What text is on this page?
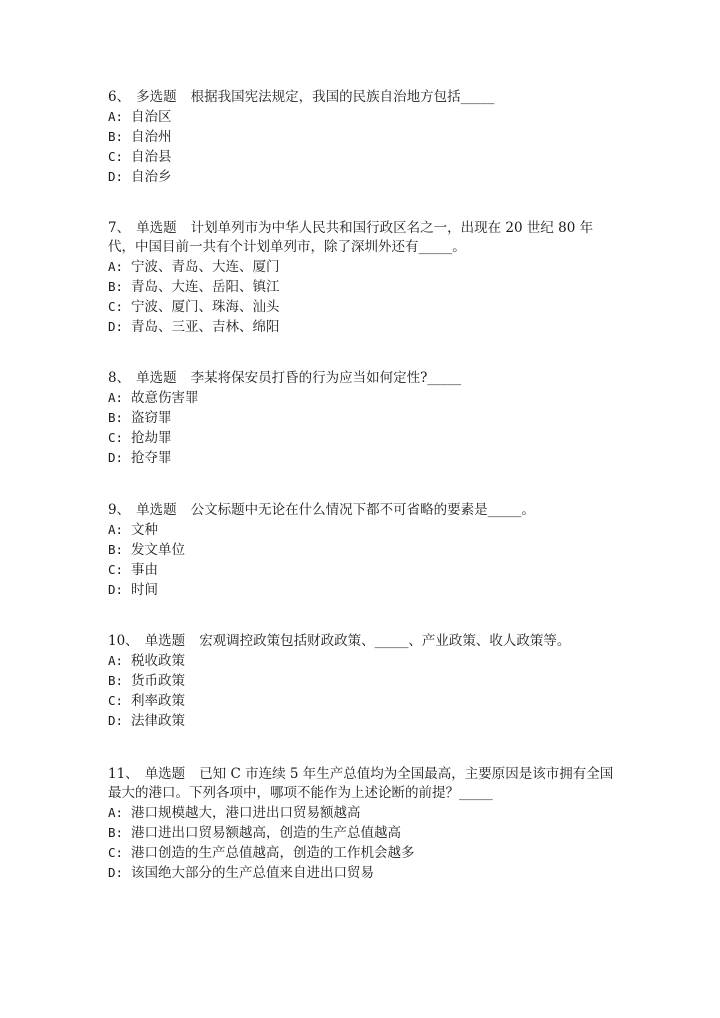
6、 多选题 根据我国宪法规定，我国的民族自治地方包括_____

A: 自治区

B: 自治州

C: 自治县

D: 自治乡

7、 单选题 计划单列市为中华人民共和国行政区名之一，出现在 20 世纪 80 年代，中国目前一共有个计划单列市，除了深圳外还有_____。

A: 宁波、青岛、大连、厦门

B: 青岛、大连、岳阳、镇江

C: 宁波、厦门、珠海、汕头

D: 青岛、三亚、吉林、绵阳

8、 单选题 李某将保安员打昏的行为应当如何定性?_____

A: 故意伤害罪

B: 盗窃罪

C: 抢劫罪

D: 抢夺罪

9、 单选题 公文标题中无论在什么情况下都不可省略的要素是_____。

A: 文种

B: 发文单位

C: 事由

D: 时间

10、 单选题 宏观调控政策包括财政政策、_____、产业政策、收人政策等。

A: 税收政策

B: 货币政策

C: 利率政策

D: 法律政策

11、 单选题 已知 C 市连续 5 年生产总值均为全国最高，主要原因是该市拥有全国最大的港口。下列各项中，哪项不能作为上述论断的前提？_____

A: 港口规模越大，港口进出口贸易额越高

B: 港口进出口贸易额越高，创造的生产总值越高

C: 港口创造的生产总值越高，创造的工作机会越多

D: 该国绝大部分的生产总值来自进出口贸易
